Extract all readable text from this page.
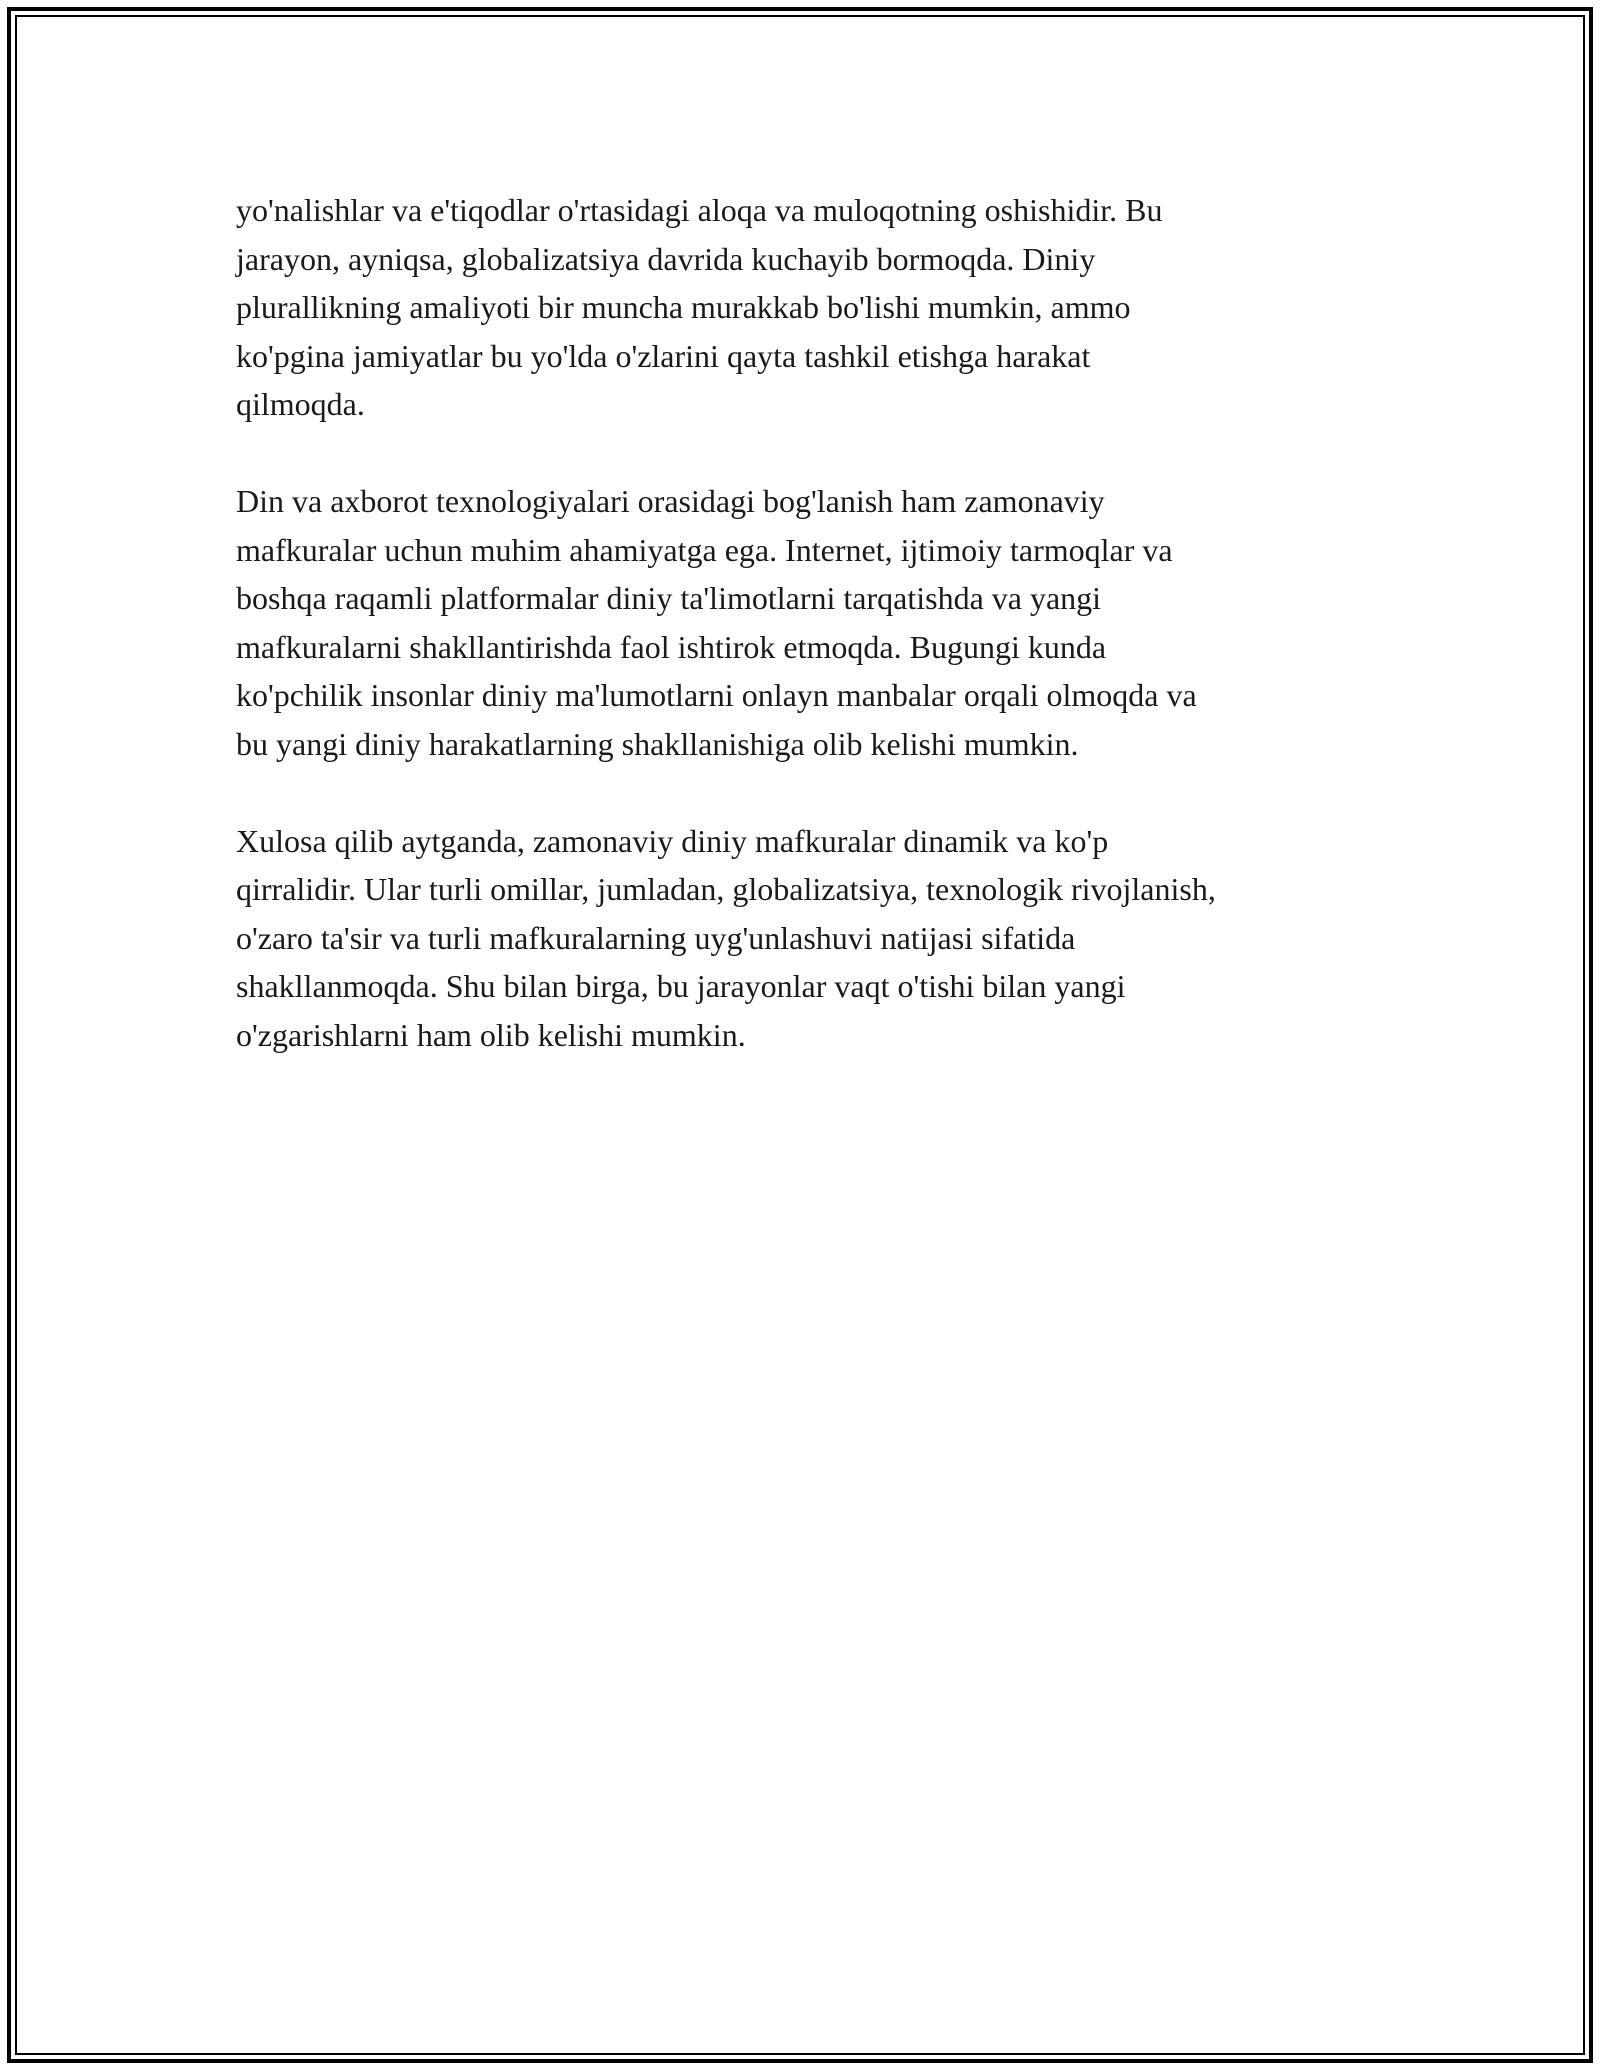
yo'nalishlar va e'tiqodlar o'rtasidagi aloqa va muloqotning oshishidir. Bu
jarayon, ayniqsa, globalizatsiya davrida kuchayib bormoqda. Diniy
plurallikning amaliyoti bir muncha murakkab bo'lishi mumkin, ammo
ko'pgina jamiyatlar bu yo'lda o'zlarini qayta tashkil etishga harakat
qilmoqda.

Din va axborot texnologiyalari orasidagi bog'lanish ham zamonaviy
mafkuralar uchun muhim ahamiyatga ega. Internet, ijtimoiy tarmoqlar va
boshqa raqamli platformalar diniy ta'limotlarni tarqatishda va yangi
mafkuralarni shakllantirishda faol ishtirok etmoqda. Bugungi kunda
ko'pchilik insonlar diniy ma'lumotlarni onlayn manbalar orqali olmoqda va
bu yangi diniy harakatlarning shakllanishiga olib kelishi mumkin.

Xulosa qilib aytganda, zamonaviy diniy mafkuralar dinamik va ko'p
qirralidir. Ular turli omillar, jumladan, globalizatsiya, texnologik rivojlanish,
o'zaro ta'sir va turli mafkuralarning uyg'unlashuvi natijasi sifatida
shakllanmoqda. Shu bilan birga, bu jarayonlar vaqt o'tishi bilan yangi
o'zgarishlarni ham olib kelishi mumkin.
